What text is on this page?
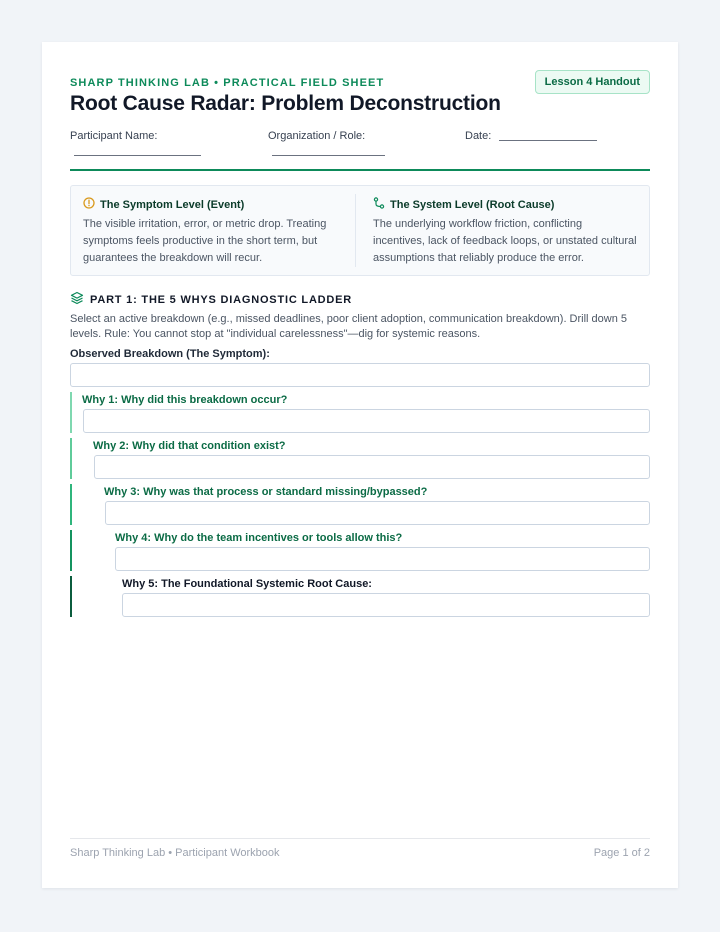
SHARP THINKING LAB • PRACTICAL FIELD SHEET	Lesson 4 Handout
Root Cause Radar: Problem Deconstruction
Participant Name:	Organization / Role:	Date:
The Symptom Level (Event)

The visible irritation, error, or metric drop. Treating symptoms feels productive in the short term, but guarantees the breakdown will recur.

The System Level (Root Cause)

The underlying workflow friction, conflicting incentives, lack of feedback loops, or unstated cultural assumptions that reliably produce the error.

PART 1: THE 5 WHYS DIAGNOSTIC LADDER

Select an active breakdown (e.g., missed deadlines, poor client adoption, communication breakdown). Drill down 5 levels. Rule: You cannot stop at "individual carelessness"—dig for systemic reasons.

Observed Breakdown (The Symptom):
Why 1: Why did this breakdown occur?
Why 2: Why did that condition exist?
Why 3: Why was that process or standard missing/bypassed?
Why 4: Why do the team incentives or tools allow this?
Why 5: The Foundational Systemic Root Cause:
Sharp Thinking Lab • Participant Workbook	Page 1 of 2
